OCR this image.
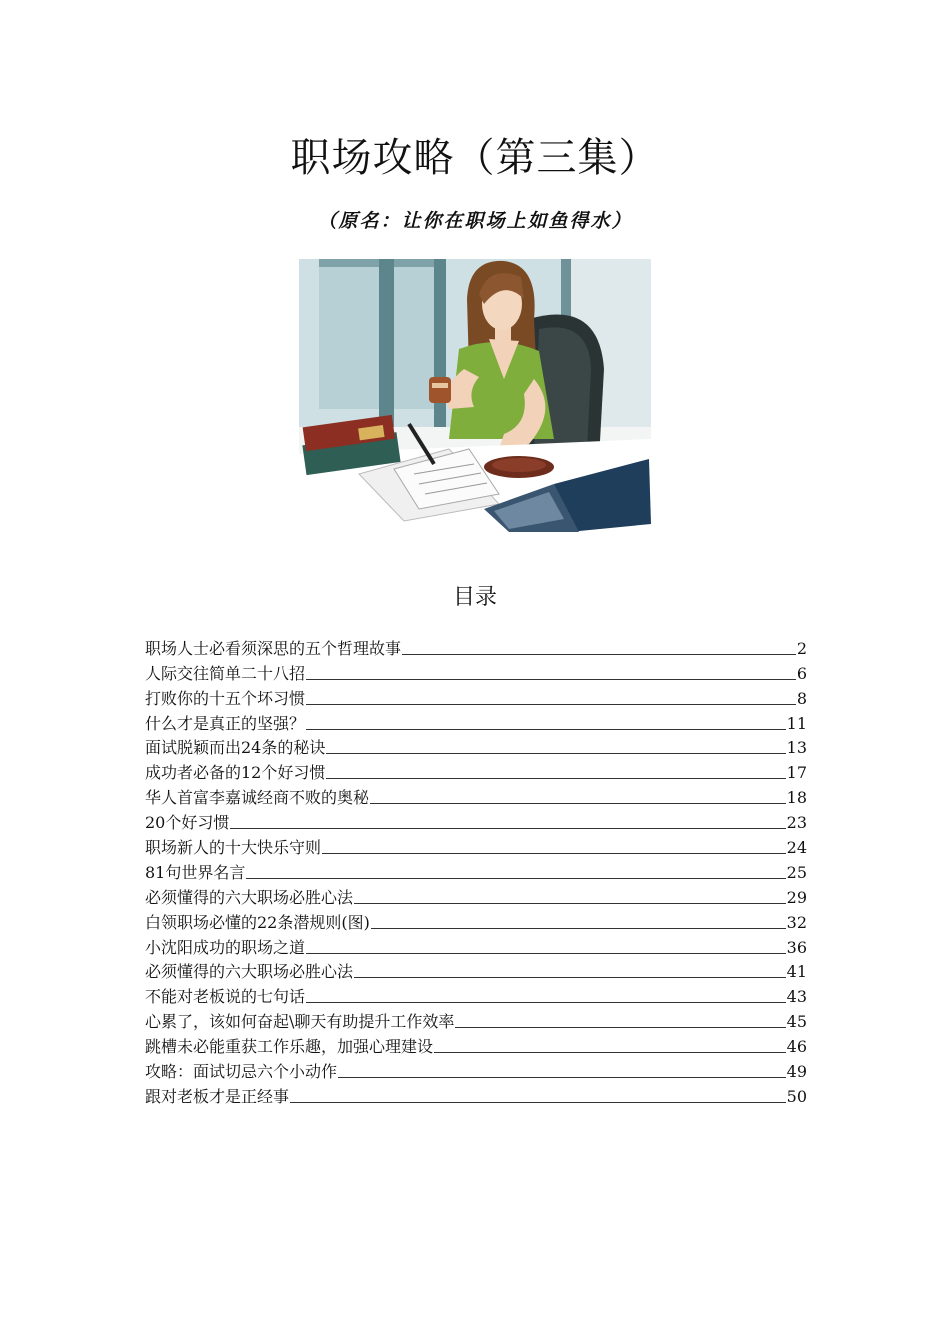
职场攻略（第三集）
（原名：让你在职场上如鱼得水）
目录
职场人士必看须深思的五个哲理故事	2
人际交往简单二十八招	6
打败你的十五个坏习惯	8
什么才是真正的坚强？	11
面试脱颖而出24条的秘诀	13
成功者必备的12个好习惯	17
华人首富李嘉诚经商不败的奥秘	18
20个好习惯	23
职场新人的十大快乐守则	24
81句世界名言	25
必须懂得的六大职场必胜心法	29
白领职场必懂的22条潜规则(图)	32
小沈阳成功的职场之道	36
必须懂得的六大职场必胜心法	41
不能对老板说的七句话	43
心累了，该如何奋起\聊天有助提升工作效率	45
跳槽未必能重获工作乐趣，加强心理建设	46
攻略：面试切忌六个小动作	49
跟对老板才是正经事	50
